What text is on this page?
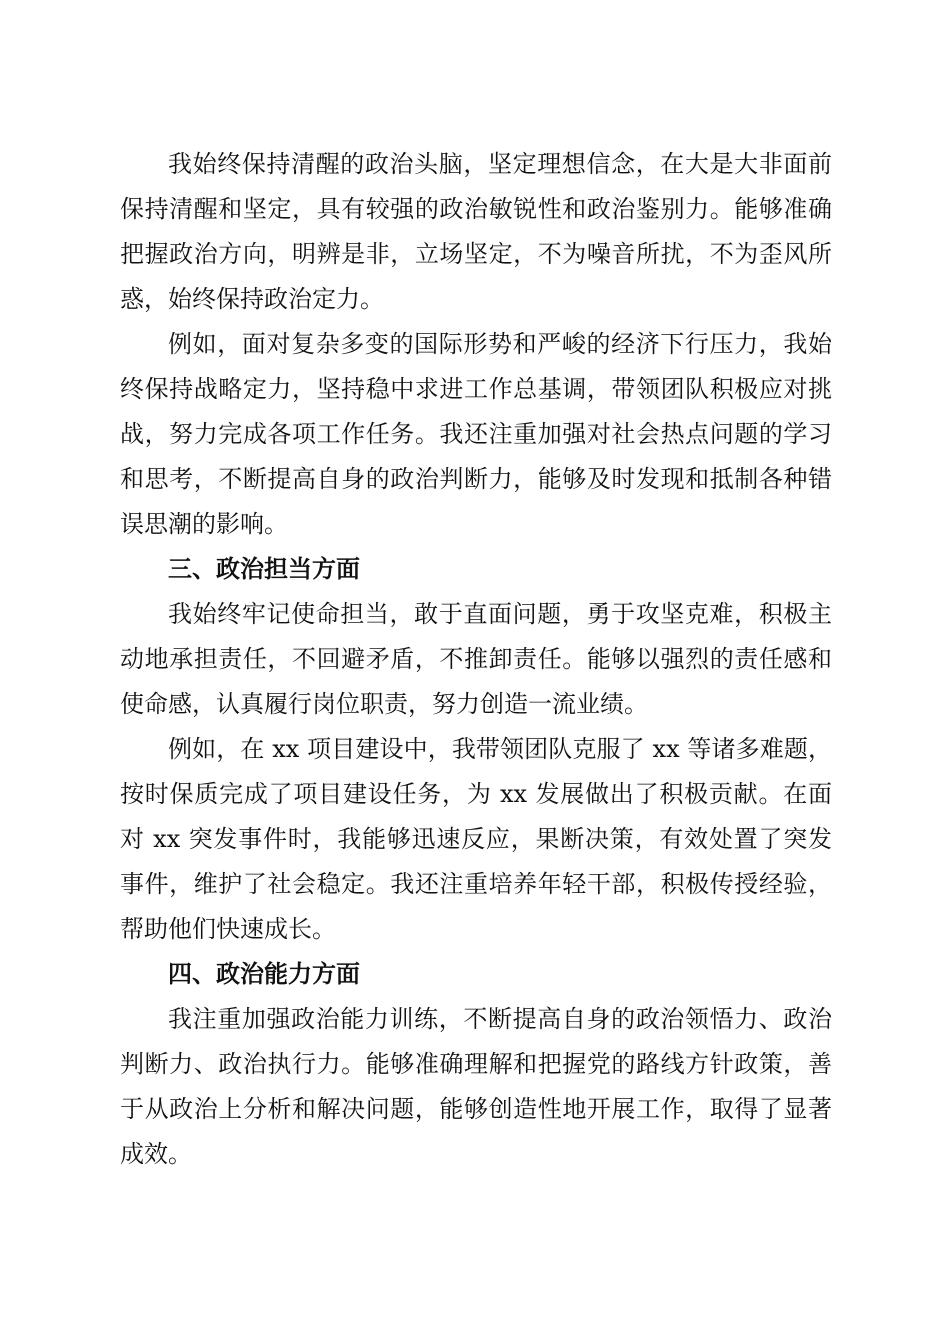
我始终保持清醒的政治头脑，坚定理想信念，在大是大非面前保持清醒和坚定，具有较强的政治敏锐性和政治鉴别力。能够准确把握政治方向，明辨是非，立场坚定，不为噪音所扰，不为歪风所惑，始终保持政治定力。

例如，面对复杂多变的国际形势和严峻的经济下行压力，我始终保持战略定力，坚持稳中求进工作总基调，带领团队积极应对挑战，努力完成各项工作任务。我还注重加强对社会热点问题的学习和思考，不断提高自身的政治判断力，能够及时发现和抵制各种错误思潮的影响。

三、政治担当方面

我始终牢记使命担当，敢于直面问题，勇于攻坚克难，积极主动地承担责任，不回避矛盾，不推卸责任。能够以强烈的责任感和使命感，认真履行岗位职责，努力创造一流业绩。

例如，在 xx 项目建设中，我带领团队克服了 xx 等诸多难题，按时保质完成了项目建设任务，为 xx 发展做出了积极贡献。在面对 xx 突发事件时，我能够迅速反应，果断决策，有效处置了突发事件，维护了社会稳定。我还注重培养年轻干部，积极传授经验，帮助他们快速成长。

四、政治能力方面

我注重加强政治能力训练，不断提高自身的政治领悟力、政治判断力、政治执行力。能够准确理解和把握党的路线方针政策，善于从政治上分析和解决问题，能够创造性地开展工作，取得了显著成效。
